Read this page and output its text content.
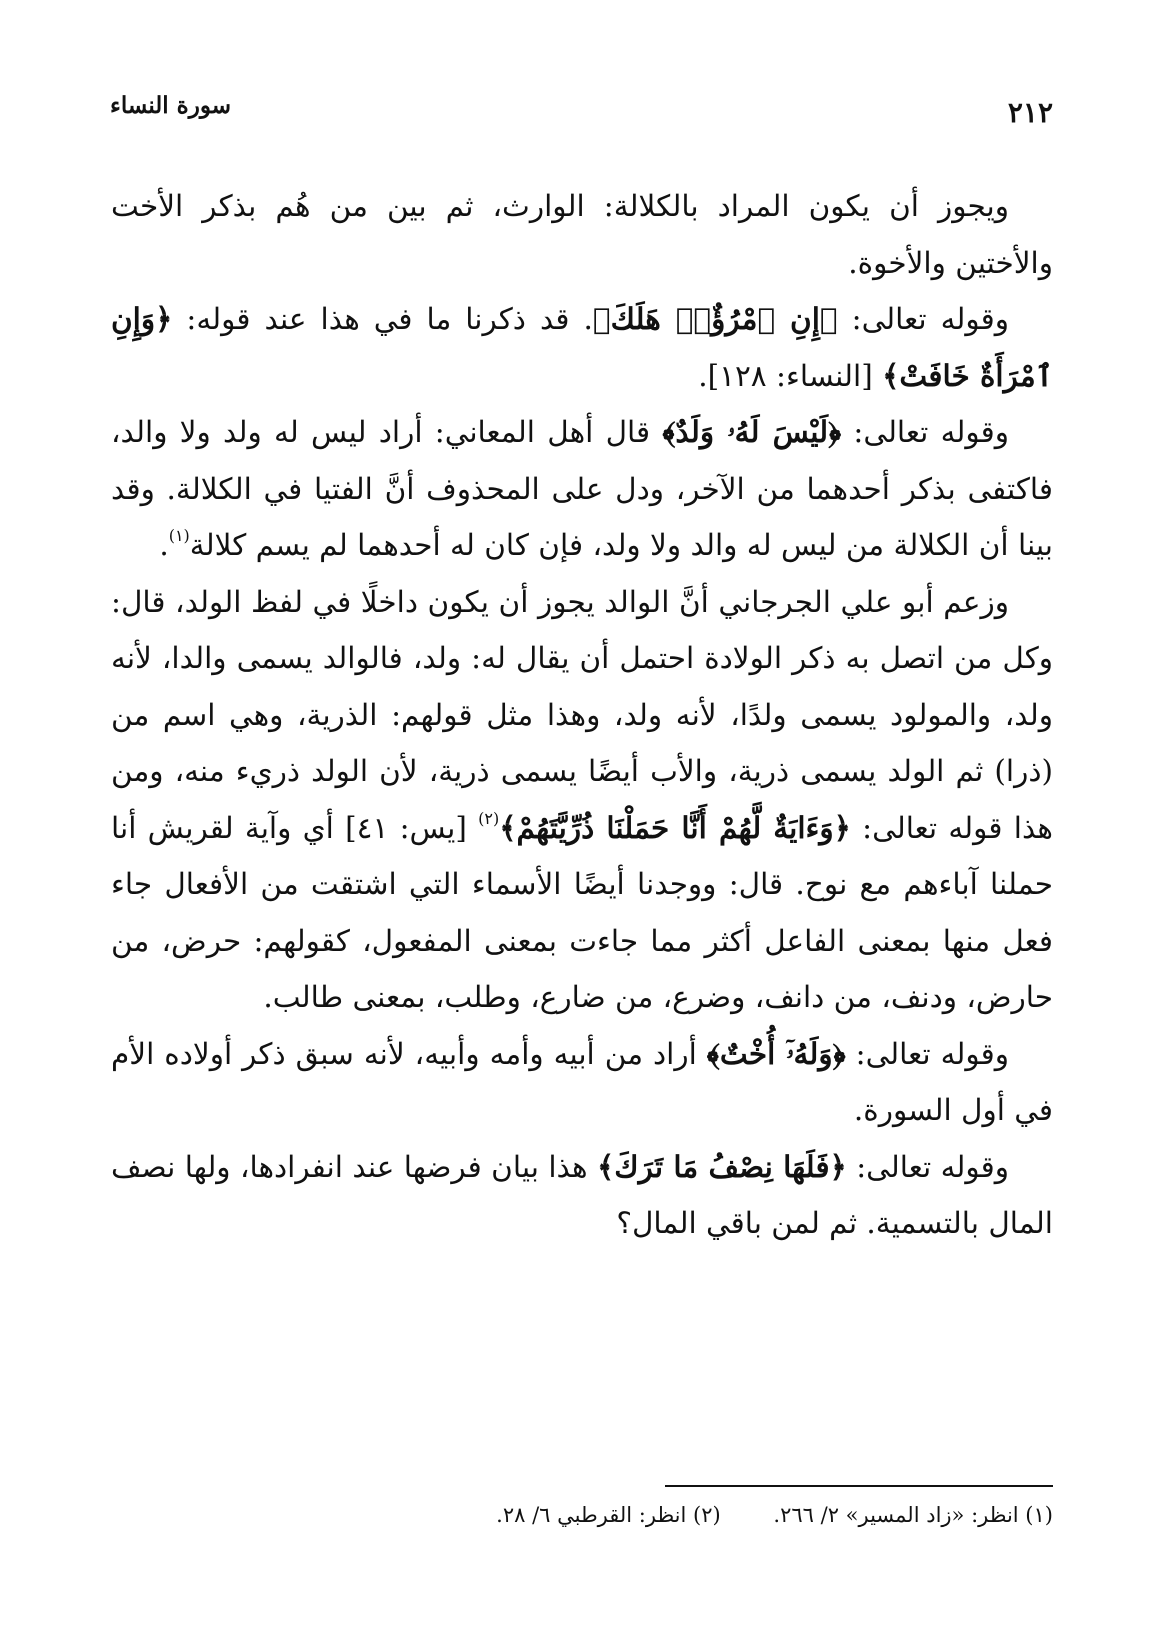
٢١٢
سورة النساء

ويجوز أن يكون المراد بالكلالة: الوارث، ثم بين من هُم بذكر الأخت والأختين والأخوة.

وقوله تعالى: ﴿إِنِ ٱمْرُؤٌا۟ هَلَكَ﴾. قد ذكرنا ما في هذا عند قوله: ﴿وَإِنِ ٱمْرَأَةٌ خَافَتْ﴾ [النساء: ١٢٨].

وقوله تعالى: ﴿لَيْسَ لَهُۥ وَلَدٌ﴾ قال أهل المعاني: أراد ليس له ولد ولا والد، فاكتفى بذكر أحدهما من الآخر، ودل على المحذوف أنَّ الفتيا في الكلالة. وقد بينا أن الكلالة من ليس له والد ولا ولد، فإن كان له أحدهما لم يسم كلالة$^{(١)}$.

وزعم أبو علي الجرجاني أنَّ الوالد يجوز أن يكون داخلًا في لفظ الولد، قال: وكل من اتصل به ذكر الولادة احتمل أن يقال له: ولد، فالوالد يسمى والدا، لأنه ولد، والمولود يسمى ولدًا، لأنه ولد، وهذا مثل قولهم: الذرية، وهي اسم من (ذرا) ثم الولد يسمى ذرية، والأب أيضًا يسمى ذرية، لأن الولد ذريء منه، ومن هذا قوله تعالى: ﴿وَءَايَةٌ لَّهُمْ أَنَّا حَمَلْنَا ذُرِّيَّتَهُمْ﴾$^{(٢)}$ [يس: ٤١] أي وآية لقريش أنا حملنا آباءهم مع نوح. قال: ووجدنا أيضًا الأسماء التي اشتقت من الأفعال جاء فعل منها بمعنى الفاعل أكثر مما جاءت بمعنى المفعول، كقولهم: حرض، من حارض، ودنف، من دانف، وضرع، من ضارع، وطلب، بمعنى طالب.

وقوله تعالى: ﴿وَلَهُۥٓ أُخْتٌ﴾ أراد من أبيه وأمه وأبيه، لأنه سبق ذكر أولاده الأم في أول السورة.

وقوله تعالى: ﴿فَلَهَا نِصْفُ مَا تَرَكَ﴾ هذا بيان فرضها عند انفرادها، ولها نصف المال بالتسمية. ثم لمن باقي المال؟

(١) انظر: «زاد المسير» ٢/ ٢٦٦. (٢) انظر: القرطبي ٦/ ٢٨.
